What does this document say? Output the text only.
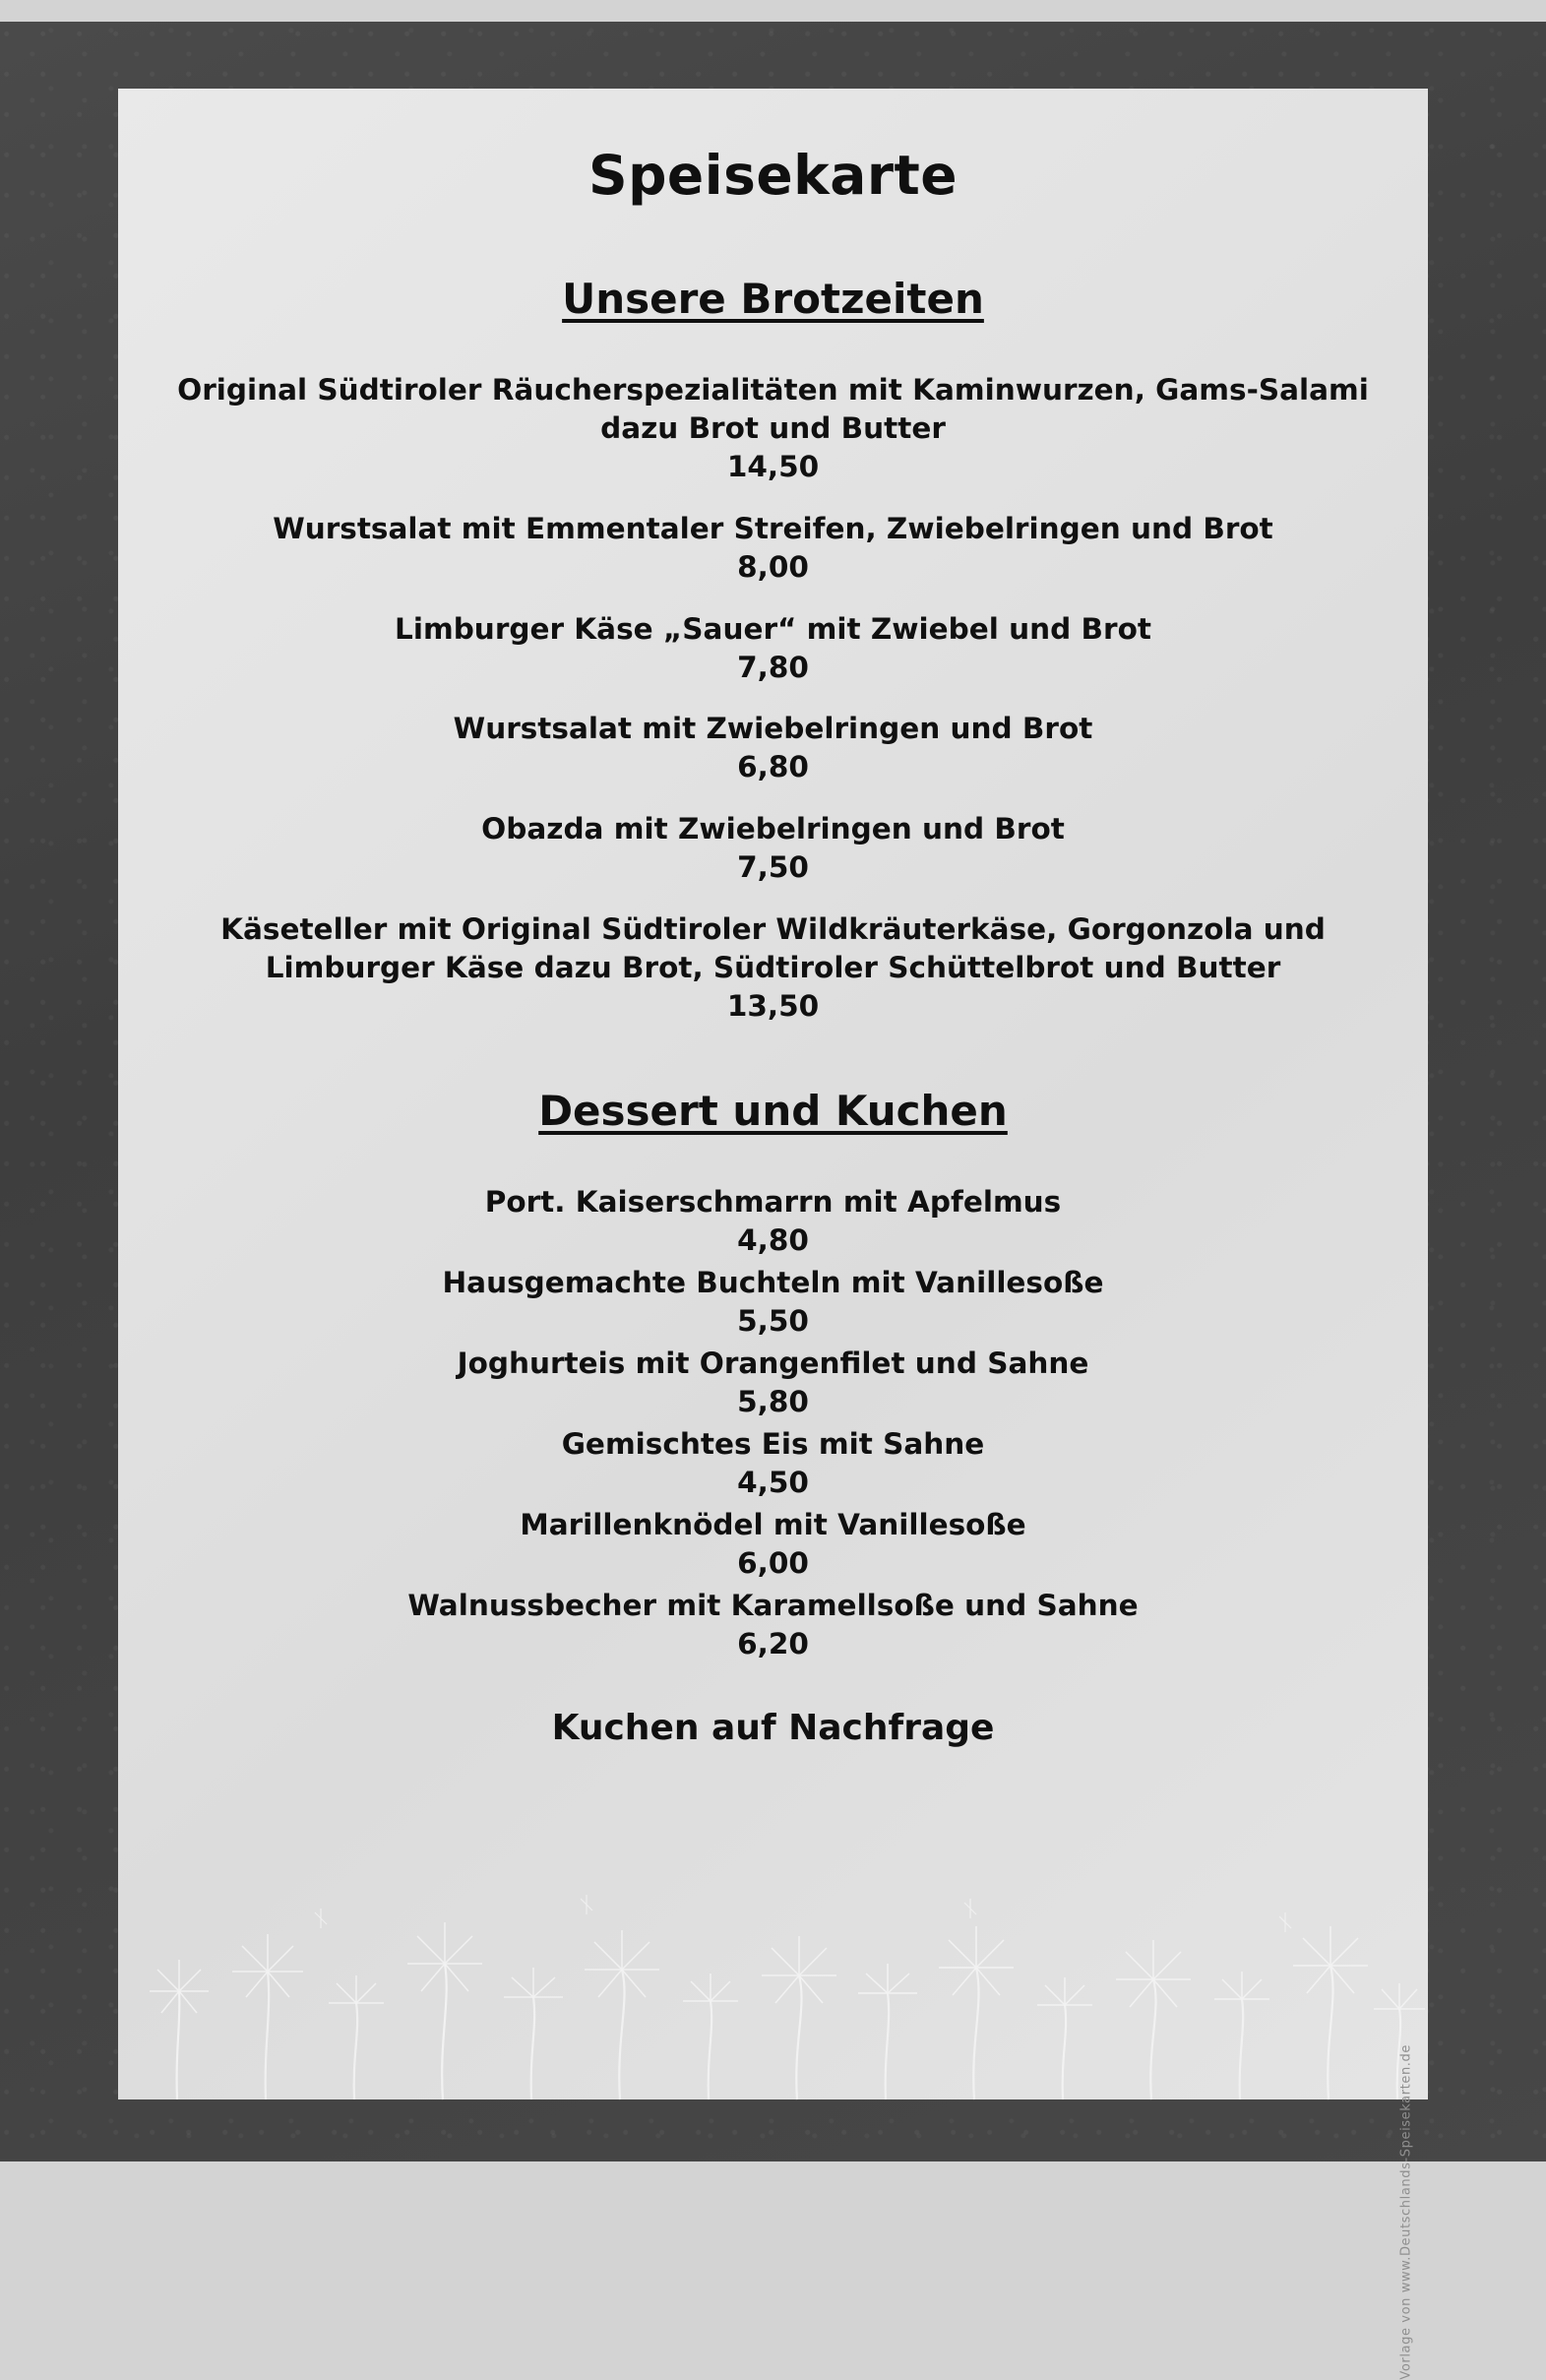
Speisekarte
Unsere Brotzeiten
Original Südtiroler Räucherspezialitäten mit Kaminwurzen, Gams-Salami dazu Brot und Butter
14,50
Wurstsalat mit Emmentaler Streifen, Zwiebelringen und Brot
8,00
Limburger Käse „Sauer“ mit Zwiebel und Brot
7,80
Wurstsalat mit Zwiebelringen und Brot
6,80
Obazda mit Zwiebelringen und Brot
7,50
Käseteller mit Original Südtiroler Wildkräuterkäse, Gorgonzola und Limburger Käse dazu Brot, Südtiroler Schüttelbrot und Butter
13,50
Dessert und Kuchen
Port. Kaiserschmarrn mit Apfelmus
4,80
Hausgemachte Buchteln mit Vanillesoße
5,50
Joghurteis mit Orangenfilet und Sahne
5,80
Gemischtes Eis mit Sahne
4,50
Marillenknödel mit Vanillesoße
6,00
Walnussbecher mit Karamellsoße und Sahne
6,20
Kuchen auf Nachfrage
Vorlage von www.Deutschlands-Speisekarten.de
